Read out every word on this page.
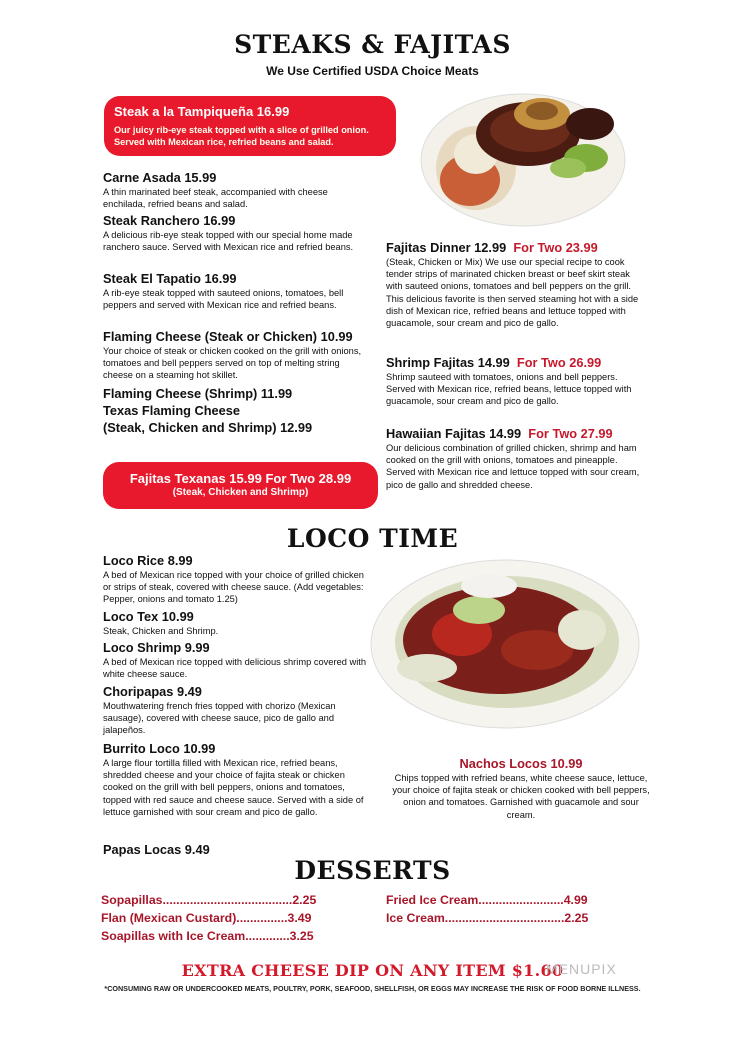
STEAKS & FAJITAS
We Use Certified USDA Choice Meats
Steak a la Tampiqueña 16.99
Our juicy rib-eye steak topped with a slice of grilled onion. Served with Mexican rice, refried beans and salad.
Carne Asada 15.99
A thin marinated beef steak, accompanied with cheese enchilada, refried beans and salad.
Steak Ranchero 16.99
A delicious rib-eye steak topped with our special home made ranchero sauce. Served with Mexican rice and refried beans.
Steak El Tapatio 16.99
A rib-eye steak topped with sauteed onions, tomatoes, bell peppers and served with Mexican rice and refried beans.
Flaming Cheese (Steak or Chicken) 10.99
Your choice of steak or chicken cooked on the grill with onions, tomatoes and bell peppers served on top of melting string cheese on a steaming hot skillet.
Flaming Cheese (Shrimp) 11.99
Texas Flaming Cheese
(Steak, Chicken and Shrimp) 12.99
Fajitas Texanas 15.99 For Two 28.99
(Steak, Chicken and Shrimp)
Fajitas Dinner 12.99 For Two 23.99
(Steak, Chicken or Mix) We use our special recipe to cook tender strips of marinated chicken breast or beef skirt steak with sauteed onions, tomatoes and bell peppers on the grill. This delicious favorite is then served steaming hot with a side dish of Mexican rice, refried beans and lettuce topped with guacamole, sour cream and pico de gallo.
Shrimp Fajitas 14.99 For Two 26.99
Shrimp sauteed with tomatoes, onions and bell peppers. Served with Mexican rice, refried beans, lettuce topped with guacamole, sour cream and pico de gallo.
Hawaiian Fajitas 14.99 For Two 27.99
Our delicious combination of grilled chicken, shrimp and ham cooked on the grill with onions, tomatoes and pineapple. Served with Mexican rice and lettuce topped with sour cream, pico de gallo and shredded cheese.
LOCO TIME
Loco Rice 8.99
A bed of Mexican rice topped with your choice of grilled chicken or strips of steak, covered with cheese sauce. (Add vegetables: Pepper, onions and tomato 1.25)
Loco Tex 10.99
Steak, Chicken and Shrimp.
Loco Shrimp 9.99
A bed of Mexican rice topped with delicious shrimp covered with white cheese sauce.
Choripapas 9.49
Mouthwatering french fries topped with chorizo (Mexican sausage), covered with cheese sauce, pico de gallo and jalapeños.
Burrito Loco 10.99
A large flour tortilla filled with Mexican rice, refried beans, shredded cheese and your choice of fajita steak or chicken cooked on the grill with bell peppers, onions and tomatoes, topped with red sauce and cheese sauce. Served with a side of lettuce garnished with sour cream and pico de gallo.
Papas Locas 9.49
Nachos Locos 10.99
Chips topped with refried beans, white cheese sauce, lettuce, your choice of fajita steak or chicken cooked with bell peppers, onion and tomatoes. Garnished with guacamole and sour cream.
DESSERTS
Sopapillas......................................2.25
Flan (Mexican Custard)...............3.49
Soapillas with Ice Cream.............3.25
Fried Ice Cream.........................4.99
Ice Cream...................................2.25
EXTRA CHEESE DIP ON ANY ITEM $1.60
MENUPIX
*CONSUMING RAW OR UNDERCOOKED MEATS, POULTRY, PORK, SEAFOOD, SHELLFISH, OR EGGS MAY INCREASE THE RISK OF FOOD BORNE ILLNESS.
